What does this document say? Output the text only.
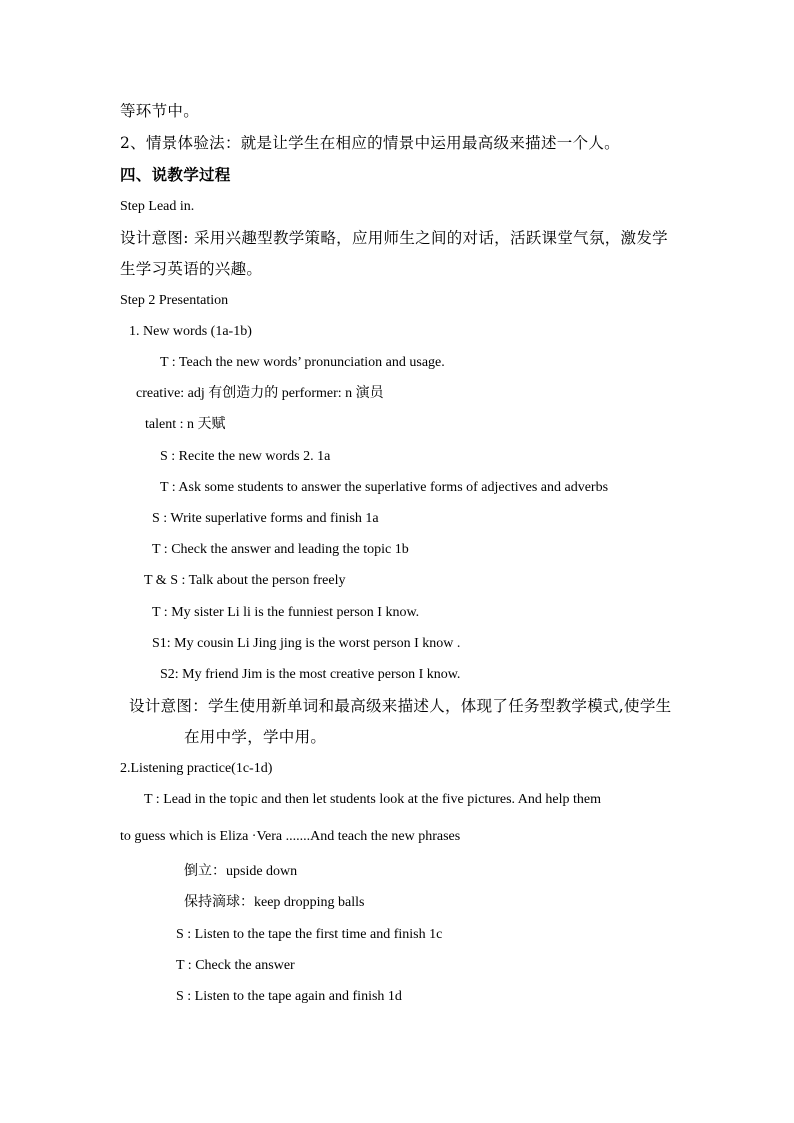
等环节中。
2、情景体验法：就是让学生在相应的情景中运用最高级来描述一个人。
四、说教学过程
Step Lead in.
设计意图: 采用兴趣型教学策略，应用师生之间的对话，活跃课堂气氛，激发学
生学习英语的兴趣。
Step 2 Presentation
1. New words (1a-1b)
T : Teach the new words’ pronunciation and usage.
creative: adj 有创造力的 performer: n 演员
talent : n 天赋
S : Recite the new words 2. 1a
T : Ask some students to answer the superlative forms of adjectives and adverbs
S : Write superlative forms and finish 1a
T : Check the answer and leading the topic 1b
T & S : Talk about the person freely
T : My sister Li li is the funniest person I know.
S1: My cousin Li Jing jing is the worst person I know .
S2: My friend Jim is the most creative person I know.
设计意图：学生使用新单词和最高级来描述人，体现了任务型教学模式,使学生
在用中学，学中用。
2.Listening practice(1c-1d)
T : Lead in the topic and then let students look at the five pictures. And help them
to guess which is Eliza ·Vera .......And teach the new phrases
倒立：upside down
保持滴球：keep dropping balls
S : Listen to the tape the first time and finish 1c
T : Check the answer
S : Listen to the tape again and finish 1d
